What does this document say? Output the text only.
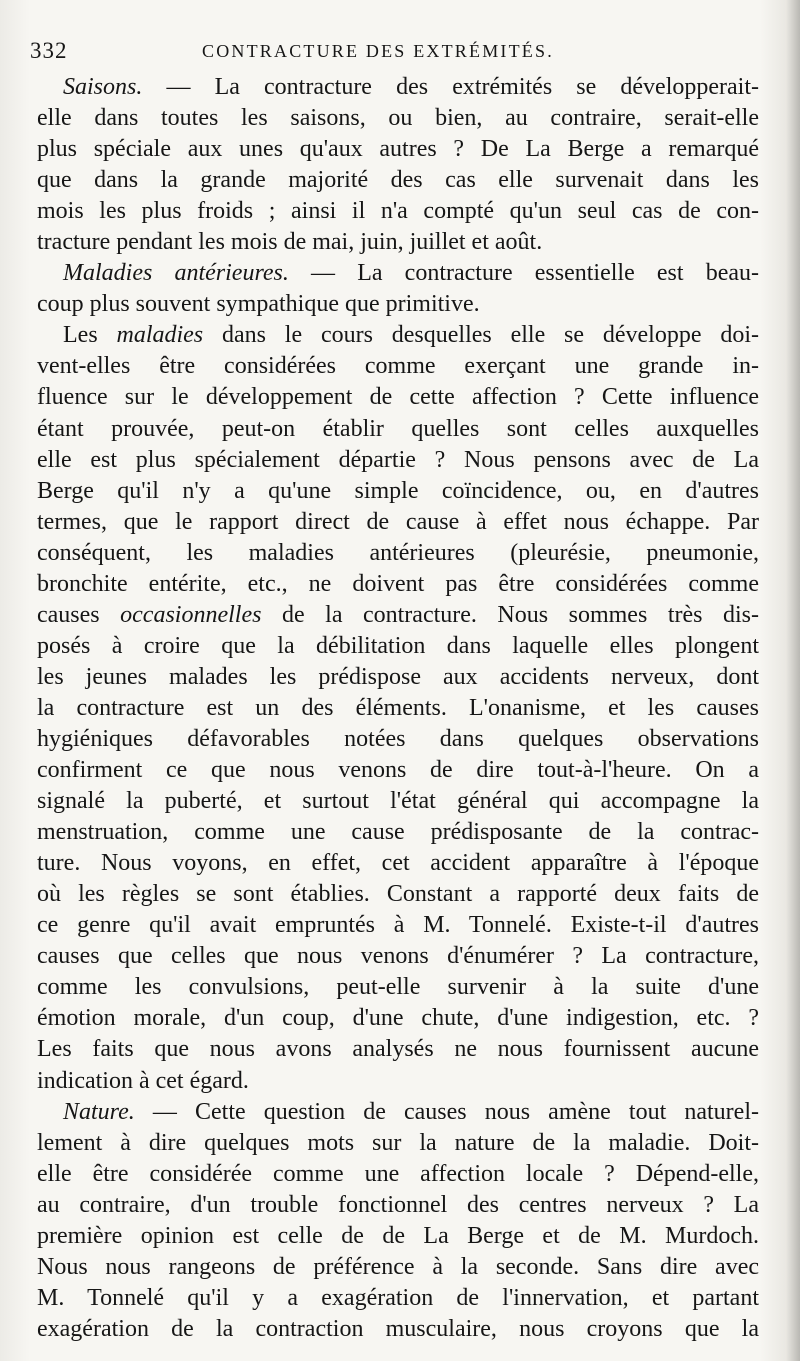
332	CONTRACTURE DES EXTRÉMITÉS.
Saisons. — La contracture des extrémités se développerait-
elle dans toutes les saisons, ou bien, au contraire, serait-elle
plus spéciale aux unes qu'aux autres ? De La Berge a remarqué
que dans la grande majorité des cas elle survenait dans les
mois les plus froids ; ainsi il n'a compté qu'un seul cas de con-
tracture pendant les mois de mai, juin, juillet et août.
Maladies antérieures. — La contracture essentielle est beau-
coup plus souvent sympathique que primitive.
Les maladies dans le cours desquelles elle se développe doi-
vent-elles être considérées comme exerçant une grande in-
fluence sur le développement de cette affection ? Cette influence
étant prouvée, peut-on établir quelles sont celles auxquelles
elle est plus spécialement départie ? Nous pensons avec de La
Berge qu'il n'y a qu'une simple coïncidence, ou, en d'autres
termes, que le rapport direct de cause à effet nous échappe. Par
conséquent, les maladies antérieures (pleurésie, pneumonie,
bronchite entérite, etc., ne doivent pas être considérées comme
causes occasionnelles de la contracture. Nous sommes très dis-
posés à croire que la débilitation dans laquelle elles plongent
les jeunes malades les prédispose aux accidents nerveux, dont
la contracture est un des éléments. L'onanisme, et les causes
hygiéniques défavorables notées dans quelques observations
confirment ce que nous venons de dire tout-à-l'heure. On a
signalé la puberté, et surtout l'état général qui accompagne la
menstruation, comme une cause prédisposante de la contrac-
ture. Nous voyons, en effet, cet accident apparaître à l'époque
où les règles se sont établies. Constant a rapporté deux faits de
ce genre qu'il avait empruntés à M. Tonnelé. Existe-t-il d'autres
causes que celles que nous venons d'énumérer ? La contracture,
comme les convulsions, peut-elle survenir à la suite d'une
émotion morale, d'un coup, d'une chute, d'une indigestion, etc. ?
Les faits que nous avons analysés ne nous fournissent aucune
indication à cet égard.
Nature. — Cette question de causes nous amène tout naturel-
lement à dire quelques mots sur la nature de la maladie. Doit-
elle être considérée comme une affection locale ? Dépend-elle,
au contraire, d'un trouble fonctionnel des centres nerveux ? La
première opinion est celle de de La Berge et de M. Murdoch.
Nous nous rangeons de préférence à la seconde. Sans dire avec
M. Tonnelé qu'il y a exagération de l'innervation, et partant
exagération de la contraction musculaire, nous croyons que la
